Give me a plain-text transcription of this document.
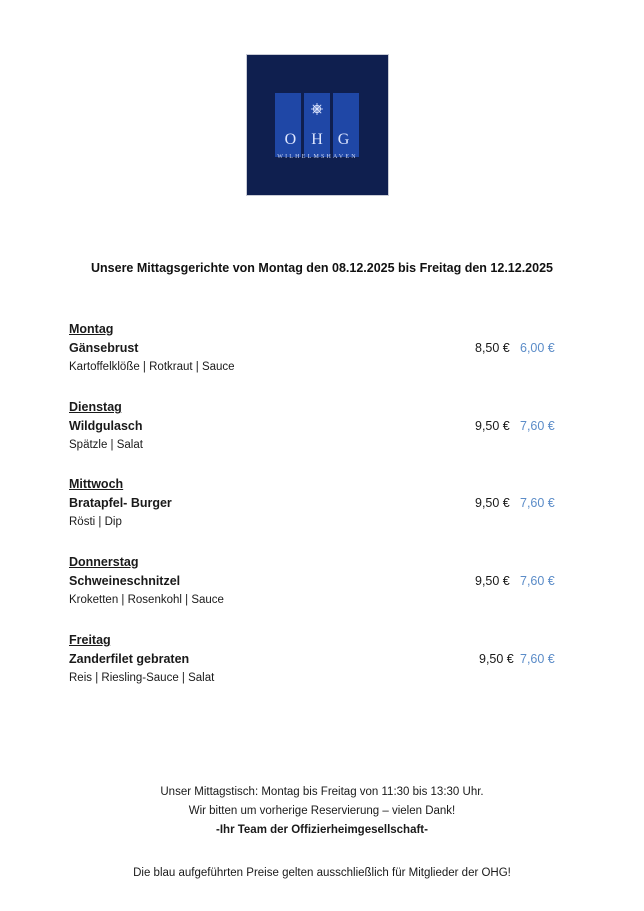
OHG
WILHELMSHAVEN
Unsere Mittagsgerichte von Montag den 08.12.2025 bis Freitag den 12.12.2025
Montag
Gänsebrust
Kartoffelklöße | Rotkraut | Sauce
8,50 € 6,00 €
Dienstag
Wildgulasch
Spätzle | Salat
9,50 € 7,60 €
Mittwoch
Bratapfel- Burger
Rösti | Dip
9,50 € 7,60 €
Donnerstag
Schweineschnitzel
Kroketten | Rosenkohl | Sauce
9,50 € 7,60 €
Freitag
Zanderfilet gebraten
Reis | Riesling-Sauce | Salat
9,50 € 7,60 €
Unser Mittagstisch: Montag bis Freitag von 11:30 bis 13:30 Uhr.
Wir bitten um vorherige Reservierung – vielen Dank!
-Ihr Team der Offizierheimgesellschaft-
Die blau aufgeführten Preise gelten ausschließlich für Mitglieder der OHG!
